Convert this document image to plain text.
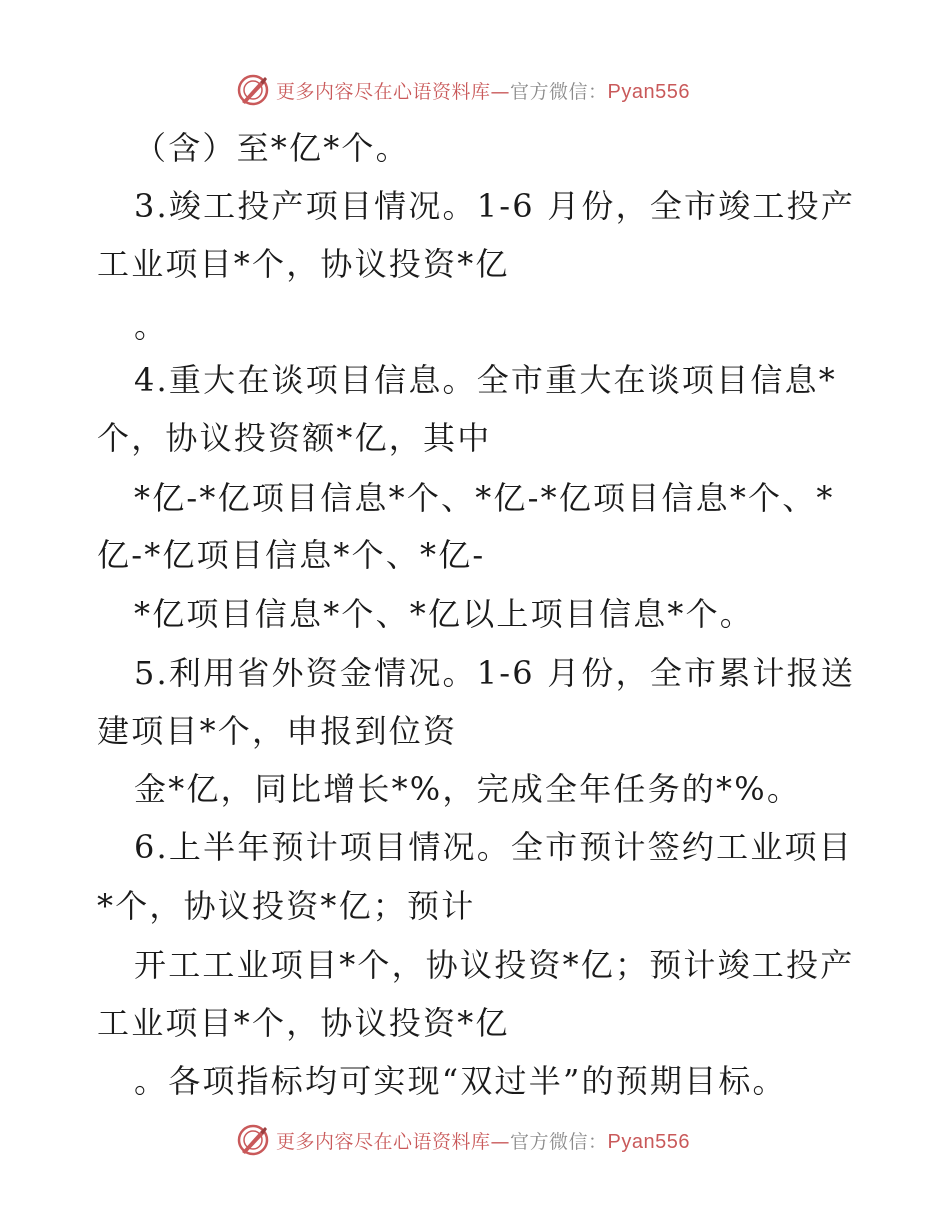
更多内容尽在心语资料库—官方微信：Pyan556
（含）至*亿*个。
3.竣工投产项目情况。1-6 月份，全市竣工投产
工业项目*个，协议投资*亿
。
4.重大在谈项目信息。全市重大在谈项目信息*
个，协议投资额*亿，其中
*亿-*亿项目信息*个、*亿-*亿项目信息*个、*
亿-*亿项目信息*个、*亿-
*亿项目信息*个、*亿以上项目信息*个。
5.利用省外资金情况。1-6 月份，全市累计报送
建项目*个，申报到位资
金*亿，同比增长*%，完成全年任务的*%。
6.上半年预计项目情况。全市预计签约工业项目
*个，协议投资*亿；预计
开工工业项目*个，协议投资*亿；预计竣工投产
工业项目*个，协议投资*亿
。各项指标均可实现“双过半”的预期目标。
更多内容尽在心语资料库—官方微信：Pyan556
